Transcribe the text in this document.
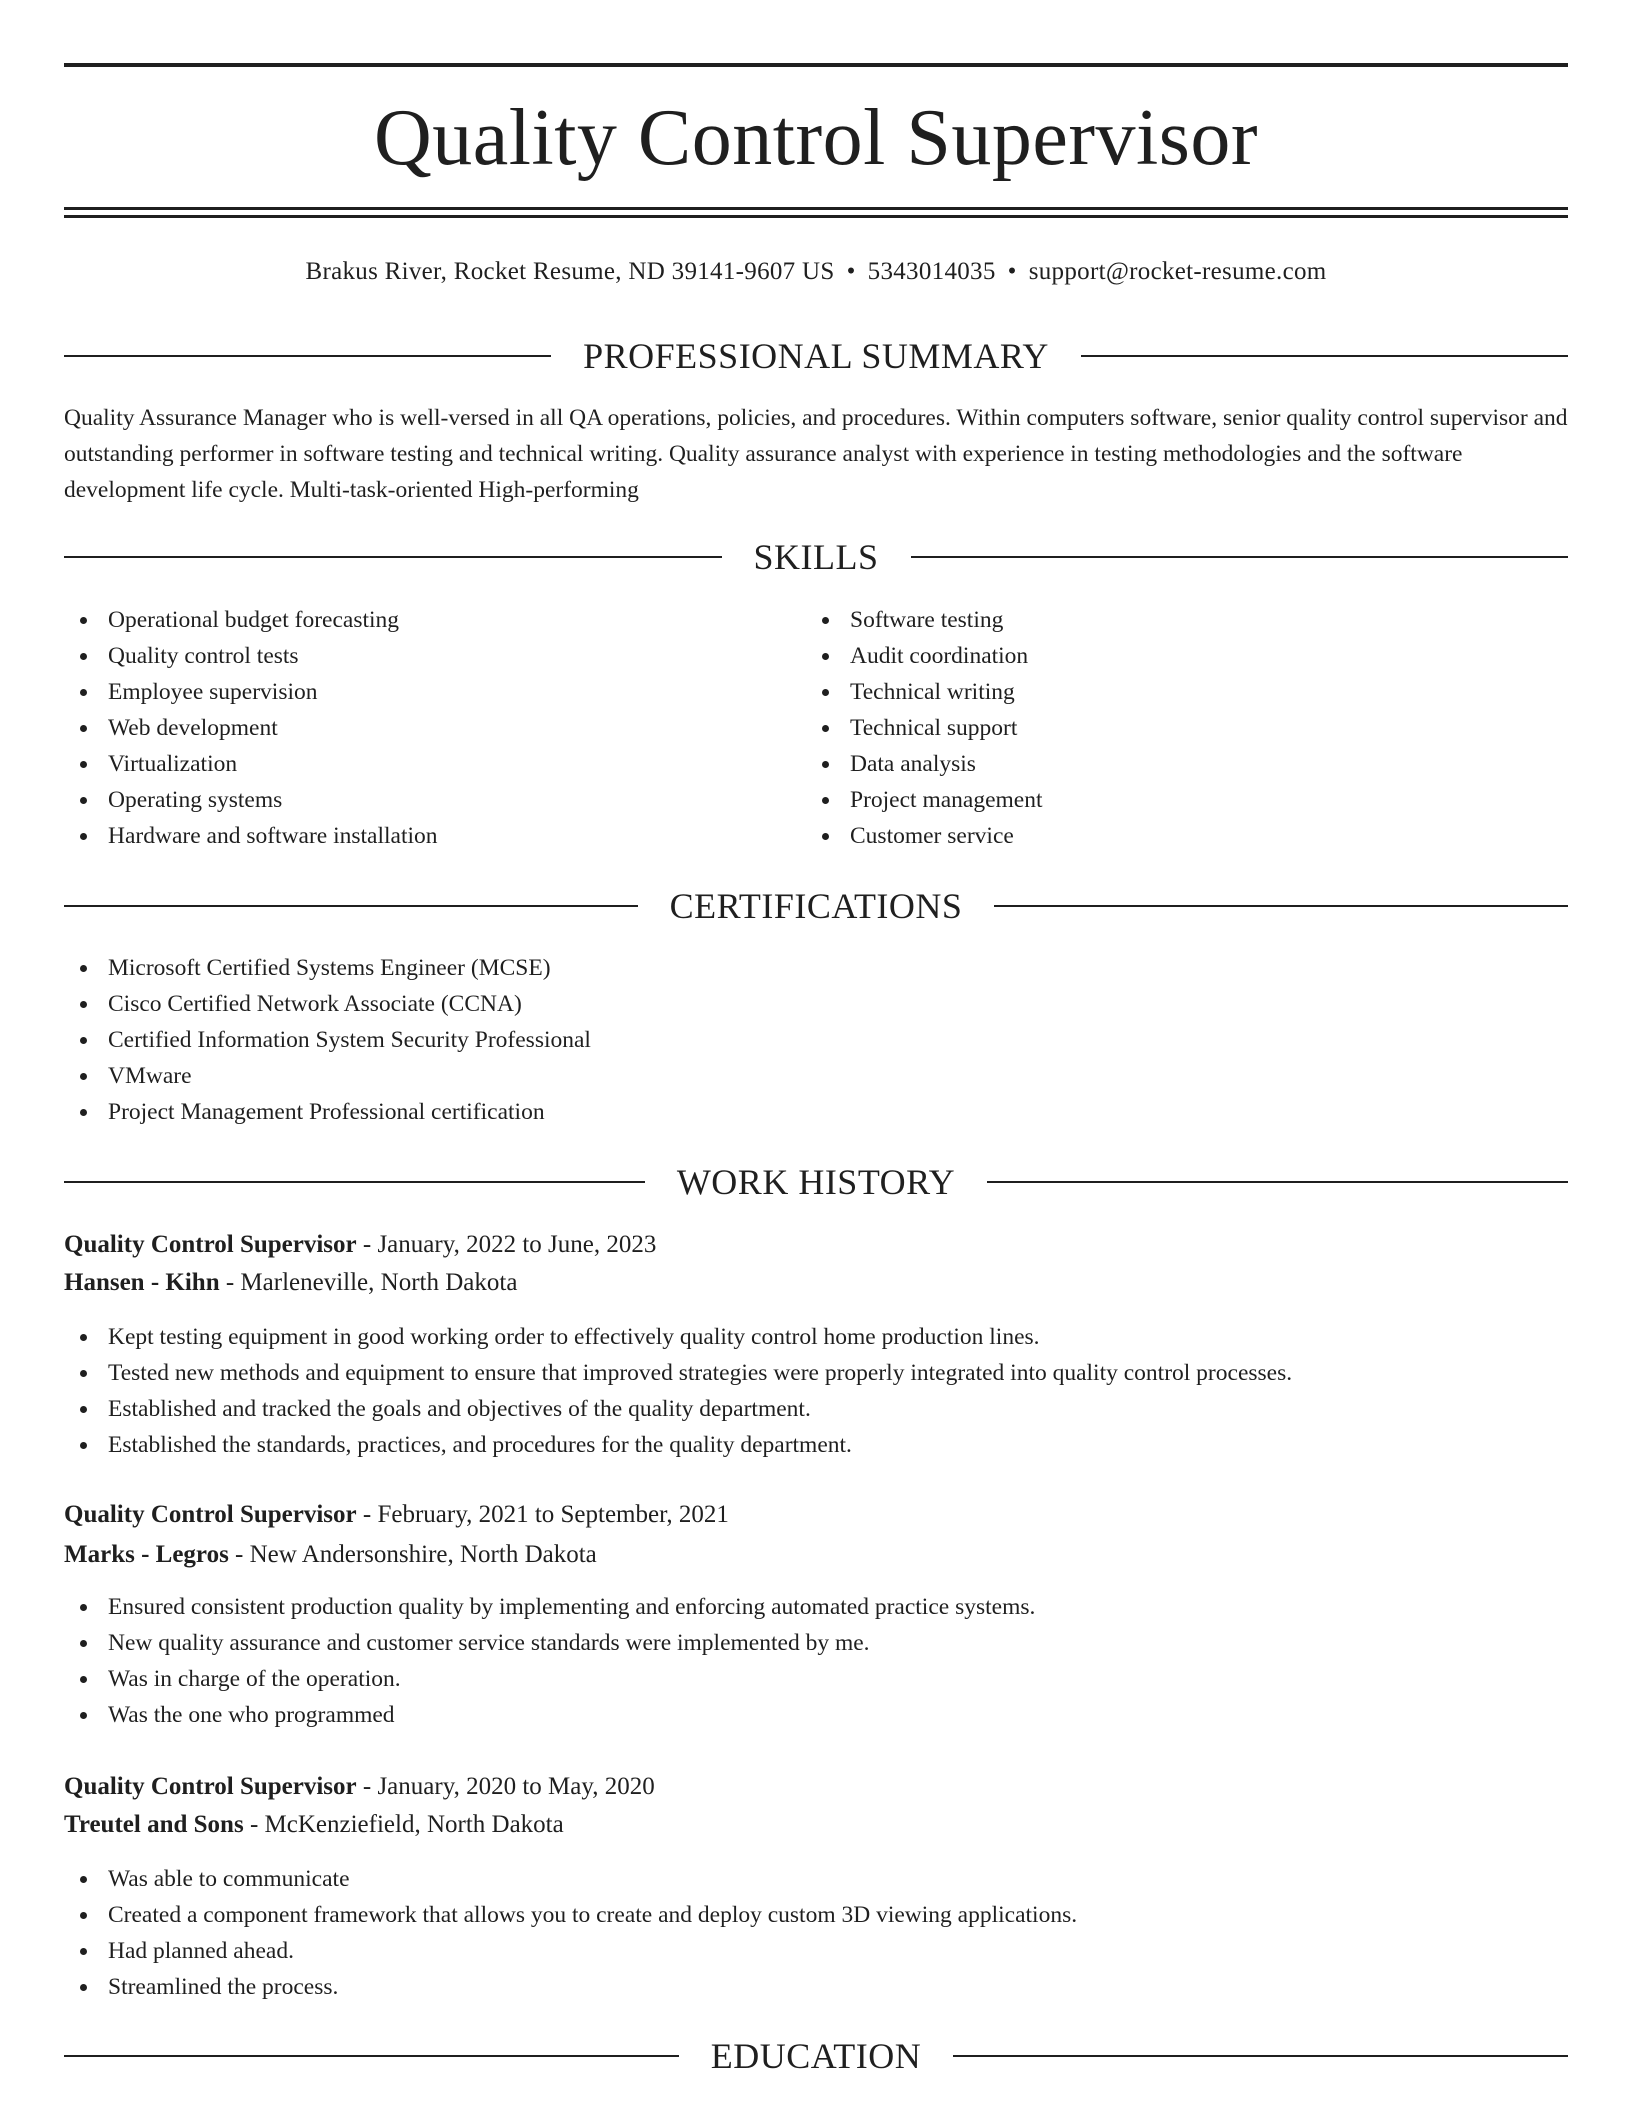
Quality Control Supervisor
Brakus River, Rocket Resume, ND 39141-9607 US • 5343014035 • support@rocket-resume.com
PROFESSIONAL SUMMARY
Quality Assurance Manager who is well-versed in all QA operations, policies, and procedures. Within computers software, senior quality control supervisor and outstanding performer in software testing and technical writing. Quality assurance analyst with experience in testing methodologies and the software development life cycle. Multi-task-oriented High-performing
SKILLS
Operational budget forecasting
Quality control tests
Employee supervision
Web development
Virtualization
Operating systems
Hardware and software installation
Software testing
Audit coordination
Technical writing
Technical support
Data analysis
Project management
Customer service
CERTIFICATIONS
Microsoft Certified Systems Engineer (MCSE)
Cisco Certified Network Associate (CCNA)
Certified Information System Security Professional
VMware
Project Management Professional certification
WORK HISTORY
Quality Control Supervisor - January, 2022 to June, 2023
Hansen - Kihn - Marleneville, North Dakota
Kept testing equipment in good working order to effectively quality control home production lines.
Tested new methods and equipment to ensure that improved strategies were properly integrated into quality control processes.
Established and tracked the goals and objectives of the quality department.
Established the standards, practices, and procedures for the quality department.
Quality Control Supervisor - February, 2021 to September, 2021
Marks - Legros - New Andersonshire, North Dakota
Ensured consistent production quality by implementing and enforcing automated practice systems.
New quality assurance and customer service standards were implemented by me.
Was in charge of the operation.
Was the one who programmed
Quality Control Supervisor - January, 2020 to May, 2020
Treutel and Sons - McKenziefield, North Dakota
Was able to communicate
Created a component framework that allows you to create and deploy custom 3D viewing applications.
Had planned ahead.
Streamlined the process.
EDUCATION
